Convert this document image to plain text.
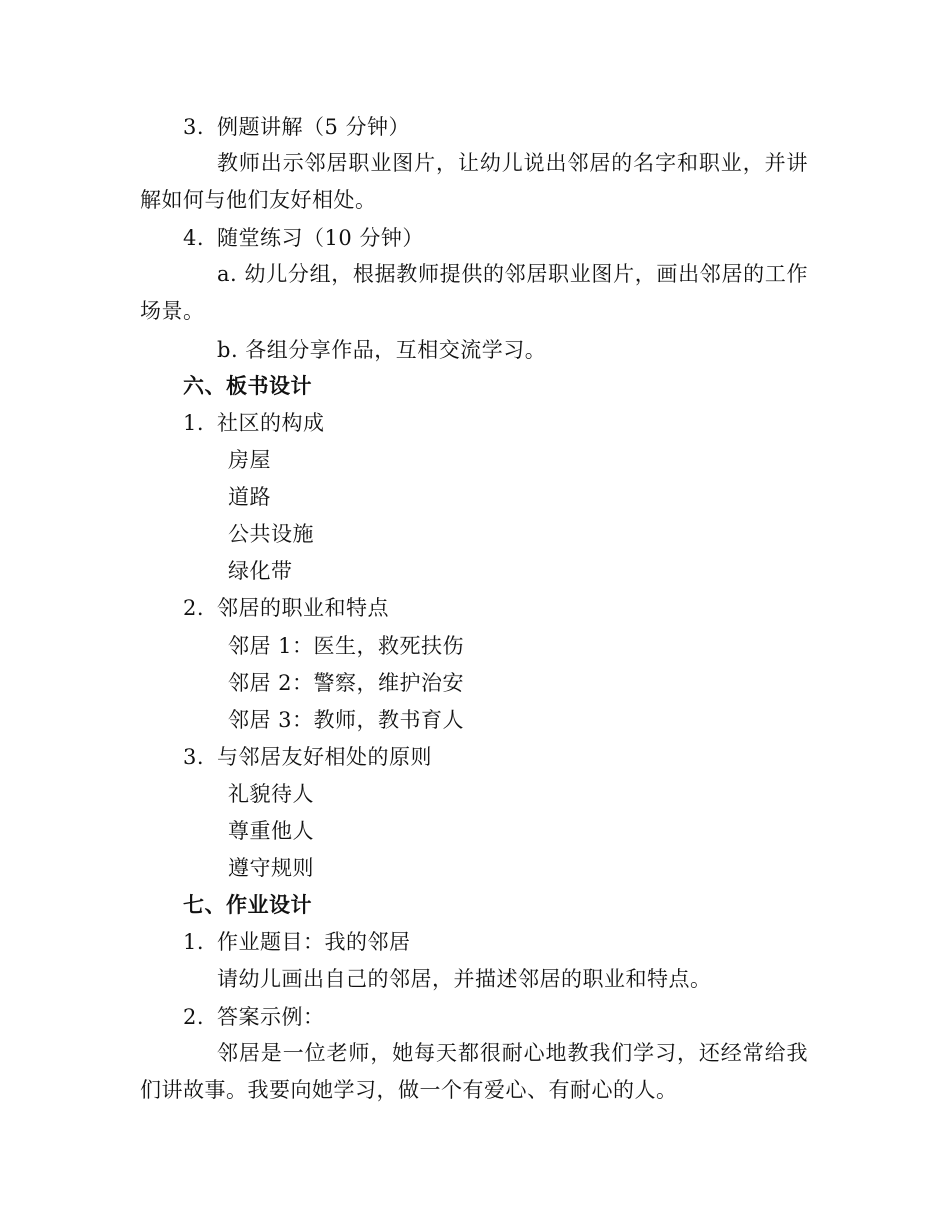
3. 例题讲解（5 分钟）
教师出示邻居职业图片，让幼儿说出邻居的名字和职业，并讲解如何与他们友好相处。
4. 随堂练习（10 分钟）
a. 幼儿分组，根据教师提供的邻居职业图片，画出邻居的工作场景。
b. 各组分享作品，互相交流学习。
六、板书设计
1. 社区的构成
房屋
道路
公共设施
绿化带
2. 邻居的职业和特点
邻居 1：医生，救死扶伤
邻居 2：警察，维护治安
邻居 3：教师，教书育人
3. 与邻居友好相处的原则
礼貌待人
尊重他人
遵守规则
七、作业设计
1. 作业题目：我的邻居
请幼儿画出自己的邻居，并描述邻居的职业和特点。
2. 答案示例：
邻居是一位老师，她每天都很耐心地教我们学习，还经常给我们讲故事。我要向她学习，做一个有爱心、有耐心的人。
